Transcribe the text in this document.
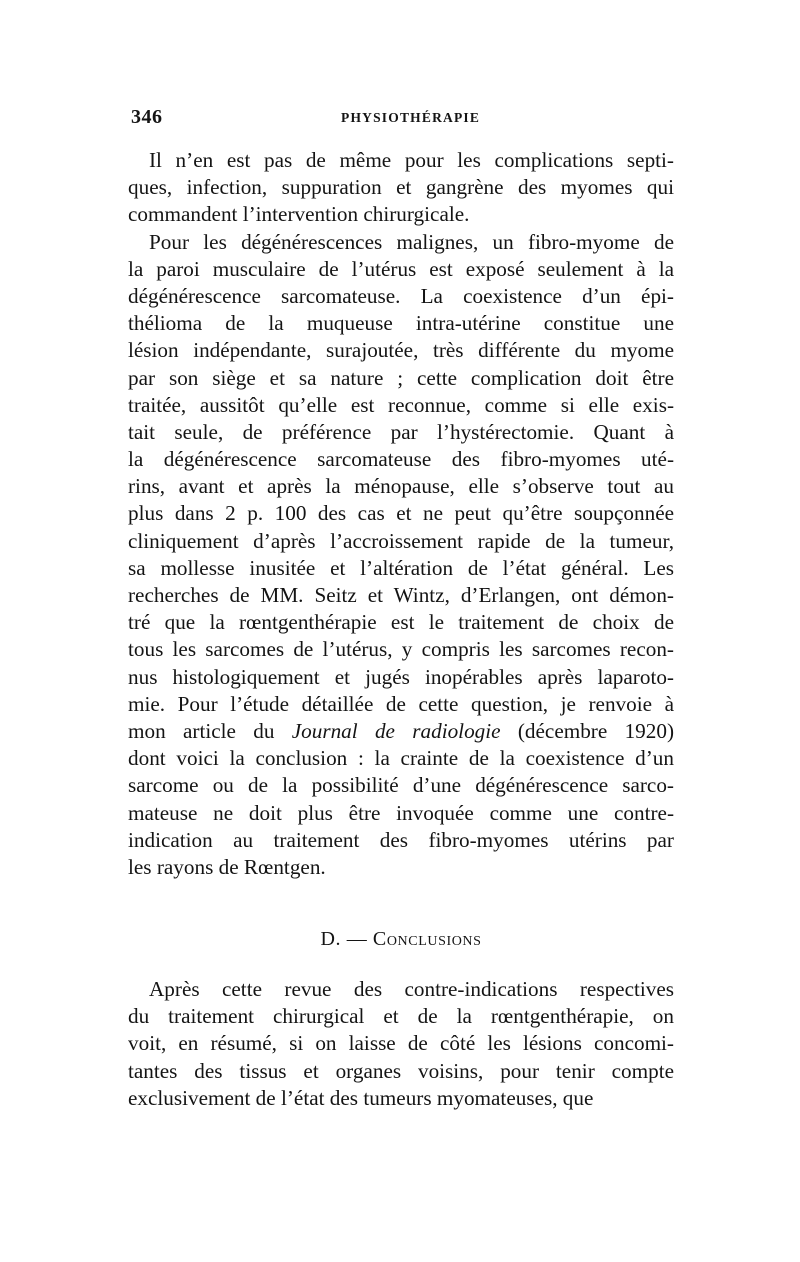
346	PHYSIOTHÉRAPIE
Il n’en est pas de même pour les complications septi-
ques, infection, suppuration et gangrène des myomes qui
commandent l’intervention chirurgicale.
Pour les dégénérescences malignes, un fibro-myome de
la paroi musculaire de l’utérus est exposé seulement à la
dégénérescence sarcomateuse. La coexistence d’un épi-
thélioma de la muqueuse intra-utérine constitue une
lésion indépendante, surajoutée, très différente du myome
par son siège et sa nature ; cette complication doit être
traitée, aussitôt qu’elle est reconnue, comme si elle exis-
tait seule, de préférence par l’hystérectomie. Quant à
la dégénérescence sarcomateuse des fibro-myomes uté-
rins, avant et après la ménopause, elle s’observe tout au
plus dans 2 p. 100 des cas et ne peut qu’être soupçonnée
cliniquement d’après l’accroissement rapide de la tumeur,
sa mollesse inusitée et l’altération de l’état général. Les
recherches de MM. Seitz et Wintz, d’Erlangen, ont démon-
tré que la rœntgenthérapie est le traitement de choix de
tous les sarcomes de l’utérus, y compris les sarcomes recon-
nus histologiquement et jugés inopérables après laparoto-
mie. Pour l’étude détaillée de cette question, je renvoie à
mon article du Journal de radiologie (décembre 1920)
dont voici la conclusion : la crainte de la coexistence d’un
sarcome ou de la possibilité d’une dégénérescence sarco-
mateuse ne doit plus être invoquée comme une contre-
indication au traitement des fibro-myomes utérins par
les rayons de Rœntgen.
D. — Conclusions
Après cette revue des contre-indications respectives
du traitement chirurgical et de la rœntgenthérapie, on
voit, en résumé, si on laisse de côté les lésions concomi-
tantes des tissus et organes voisins, pour tenir compte
exclusivement de l’état des tumeurs myomateuses, que
